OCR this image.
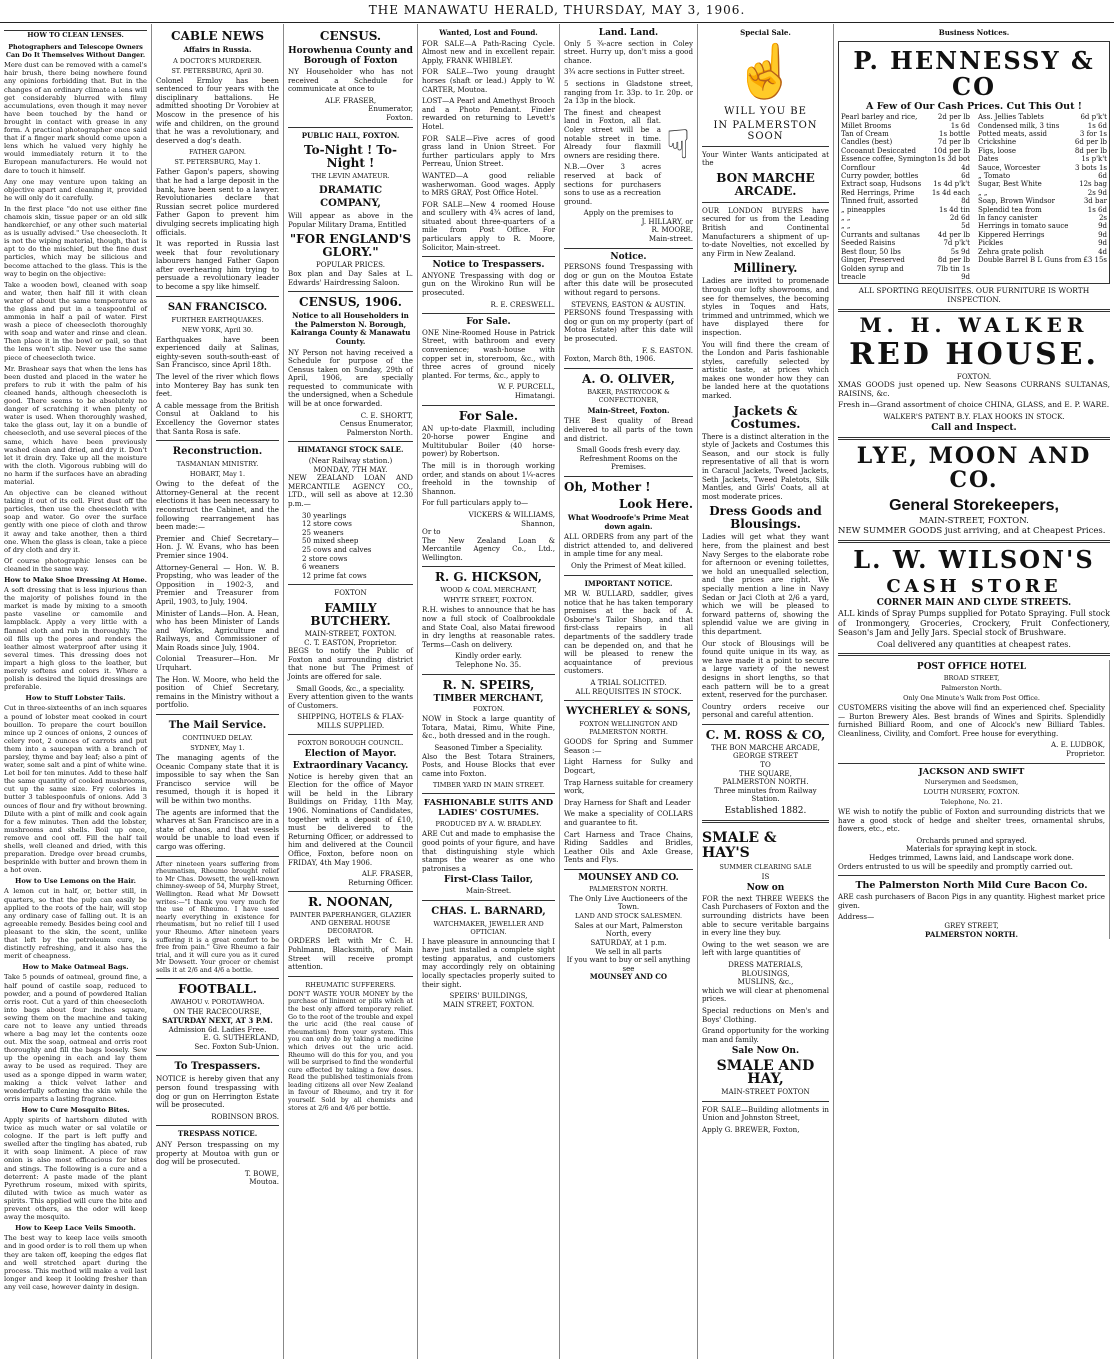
THE MANAWATU HERALD, THURSDAY, MAY 3, 1906.
HOW TO CLEAN LENSES.
Photographers and Telescope Owners Can Do It Themselves Without Danger.

Mere dust can be removed with a camel's hair brush, there being nowhere found any opinions forbidding that. But in the changes of an ordinary climate a lens will get considerably blurred with filmy accumulations, even though it may never have been touched by the hand or brought in contact with grease in any form. A practical photographer once said that if a finger mark should come upon a lens which he valued very highly he would immediately return it to the European manufacturers. He would not dare to touch it himself.

Any one may venture upon taking an objective apart and cleaning it, provided he will only do it carefully.

In the first place "do not use either fine chamois skin, tissue paper or an old silk handkerchief, or any other such material as is usually advised." Use cheesecloth. It is not the wiping material, though, that is apt to do the mischief, but the fine dust particles, which may be silicious and become attached to the glass. This is the way to begin on the objective:

Take a wooden bowl, cleaned with soap and water, then half fill it with clean water of about the same temperature as the glass and put in a teaspoonful of ammonia in half a pail of water. First wash a piece of cheesecloth thoroughly with soap and water and rinse and clean. Then place it in the bowl or pail, so that the lens won't slip. Never use the same piece of cheesecloth twice.

Mr. Brashear says that when the lens has been dusted and placed in the water he prefers to rub it with the palm of his cleaned hands, although cheesecloth is good. There seems to be absolutely no danger of scratching it when plenty of water is used. When thoroughly washed, take the glass out, lay it on a bundle of cheesecloth, and use several pieces of the same, which have been previously washed clean and dried, and dry it. Don't let it drain dry. Take up all the moisture with the cloth. Vigorous rubbing will do no harm if the surfaces have an abrading material.

An objective can be cleaned without taking it out of its cell. First dust off the particles, then use the cheesecloth with soap and water. Go over the surface gently with one piece of cloth and throw it away and take another, then a third one. When the glass is clean, take a piece of dry cloth and dry it.

Of course photographic lenses can be cleaned in the same way.

How to Make Shoe Dressing At Home.

A soft dressing that is less injurious than the majority of polishes found in the market is made by mixing to a smooth paste vaseline or camomile and lampblack. Apply a very little with a flannel cloth and rub in thoroughly. The oil fills up the pores and renders the leather almost waterproof after using it several times. This dressing does not impart a high gloss to the leather, but merely softens and colors it. Where a polish is desired the liquid dressings are preferable.

How to Stuff Lobster Tails.

Cut in three-sixteenths of an inch squares a pound of lobster meat cooked in court bouillon. To prepare the court bouillon mince up 2 ounces of onions, 2 ounces of celery root, 2 ounces of carrots and put them into a saucepan with a branch of parsley, thyme and bay leaf; also a pint of water, some salt and a pint of white wine. Let boil for ten minutes. Add to these half the same quantity of cooked mushrooms, cut up the same size. Fry colories in butter 3 tablespoonfuls of onions. Add 3 ounces of flour and fry without browning. Dilute with a pint of milk and cook again for a few minutes. Then add the lobster, mushrooms and shells. Boil up once, remove and cool off. Fill the half tail shells, well cleaned and dried, with this preparation. Dredge over bread crumbs, besprinkle with butter and brown them in a hot oven.

How to Use Lemons on the Hair.

A lemon cut in half, or, better still, in quarters, so that the pulp can easily be applied to the roots of the hair, will stop any ordinary case of falling out. It is an agreeable remedy. Besides being cool and pleasant to the skin, the scent, unlike that left by the petroleum cure, is distinctly refreshing, and it also has the merit of cheapness.

How to Make Oatmeal Bags.

Take 5 pounds of oatmeal, ground fine, a half pound of castile soap, reduced to powder, and a pound of powdered Italian orris root. Cut a yard of thin cheesecloth into bags about four inches square, sewing them on the machine and taking care not to leave any untied threads where a bag may let the contents ooze out. Mix the soap, oatmeal and orris root thoroughly and fill the bags loosely. Sew up the opening in each and lay them away to be used as required. They are used as a sponge dipped in warm water, making a thick velvet lather and wonderfully softening the skin while the orris imparts a lasting fragrance.

How to Cure Mosquito Bites.

Apply spirits of hartshorn diluted with twice as much water or sal volatile or cologne. If the part is left puffy and swelled after the tingling has abated, rub it with soap liniment. A piece of raw onion is also most efficacious for bites and stings. The following is a cure and a deterrent: A paste made of the plant Pyrethrum roseum, mixed with spirits, diluted with twice as much water as spirits. This applied will cure the bite and prevent others, as the odor will keep away the mosquito.

How to Keep Lace Veils Smooth.

The best way to keep lace veils smooth and in good order is to roll them up when they are taken off, keeping the edges flat and well stretched apart during the process. This method will make a veil last longer and keep it looking fresher than any veil case, however dainty in design.

CABLE NEWS
Affairs in Russia.
A DOCTOR'S MURDERER.
ST. PETERSBURG, April 30.

Colonel Ermloy has been sentenced to four years with the disciplinary battalions. He admitted shooting Dr Vorobiev at Moscow in the presence of his wife and children, on the ground that he was a revolutionary, and deserved a dog's death.

FATHER GAPON.
ST. PETERSBURG, May 1.

Father Gapon's papers, showing that he had a large deposit in the bank, have been sent to a lawyer. Revolutionaries declare that Russian secret police murdered Father Gapon to prevent him divulging secrets implicating high officials.

It was reported in Russia last week that four revolutionary labourers hanged Father Gapon after overhearing him trying to persuade a revolutionary leader to become a spy like himself.

SAN FRANCISCO.
FURTHER EARTHQUAKES.
NEW YORK, April 30.

Earthquakes have been experienced daily at Salinas, eighty-seven south-south-east of San Francisco, since April 18th.

The level of the river which flows into Monterey Bay has sunk ten feet.

A cable message from the British Consul at Oakland to his Excellency the Governor states that Santa Rosa is safe.

Reconstruction.
TASMANIAN MINISTRY.
HOBART, May 1.

Owing to the defeat of the Attorney-General at the recent elections it has been necessary to reconstruct the Cabinet, and the following rearrangement has been made:—

Premier and Chief Secretary—Hon. J. W. Evans, who has been Premier since 1904.

Attorney-General — Hon. W. B. Propsting, who was leader of the Opposition in 1902-3, and Premier and Treasurer from April, 1903, to July, 1904.

Minister of Lands—Hon. A. Hean, who has been Minister of Lands and Works, Agriculture and Railways, and Commissioner of Main Roads since July, 1904.

Colonial Treasurer—Hon. Mr Urquhart.

The Hon. W. Moore, who held the position of Chief Secretary, remains in the Ministry without a portfolio.

The Mail Service.
CONTINUED DELAY.
SYDNEY, May 1.

The managing agents of the Oceanic Company state that it is impossible to say when the San Francisco service will be resumed, though it is hoped it will be within two months.

The agents are informed that the wharves at San Francisco are in a state of chaos, and that vessels would be unable to load even if cargo was offering.

After nineteen years suffering from rheumatism, Rheumo brought relief to Mr Chas. Dowsett, the well-known chimney-sweep of 54, Murphy Street, Wellington. Read what Mr Dowsett writes:—"I thank you very much for the use of Rheumo. I have used nearly everything in existence for rheumatism, but no relief till I used your Rheumo. After nineteen years suffering it is a great comfort to be free from pain." Give Rheumo a fair trial, and it will cure you as it cured Mr Dowsett. Your grocer or chemist sells it at 2/6 and 4/6 a bottle.

FOOTBALL.
AWAHOU v. POROTAWHOA.
ON THE RACECOURSE,
SATURDAY NEXT, AT 3 P.M.
Admission 6d. Ladies Free.
E. G. SUTHERLAND,
Sec. Foxton Sub-Union.
To Trespassers.

NOTICE is hereby given that any person found trespassing with dog or gun on Herrington Estate will be prosecuted.

ROBINSON BROS.
TRESPASS NOTICE.

ANY Person trespassing on my property at Moutoa with gun or dog will be prosecuted.

T. BOWE,
Moutoa.
CENSUS.
Horowhenua County and Borough of Foxton

NY Householder who has not received a Schedule for communicate at once to

ALF. FRASER,
Enumerator,
Foxton.
PUBLIC HALL, FOXTON.
To-Night ! To-Night !
THE LEVIN AMATEUR.
DRAMATIC COMPANY,

Will appear as above in the Popular Military Drama, Entitled

"FOR ENGLAND'S GLORY."
POPULAR PRICES.

Box plan and Day Sales at L. Edwards' Hairdressing Saloon.

CENSUS, 1906.
Notice to all Householders in the Palmerston N. Borough, Kairanga County & Manawatu County.

NY Person not having received a Schedule for purpose of the Census taken on Sunday, 29th of April, 1906, are specially requested to communicate with the undersigned, when a Schedule will be at once forwarded.

C. E. SHORTT,
Census Enumerator,
Palmerston North.
HIMATANGI STOCK SALE.
(Near Railway station.)
MONDAY, 7TH MAY.

NEW ZEALAND LOAN AND MERCANTILE AGENCY CO., LTD., will sell as above at 12.30 p.m.—

30 yearlings
12 store cows
25 weaners
50 mixed sheep
25 cows and calves
2 store cows
6 weaners
12 prime fat cows
FOXTON
FAMILY BUTCHERY.
MAIN-STREET, FOXTON.
C. T. EASTON, Proprietor.

BEGS to notify the Public of Foxton and surrounding district that none but The Primest of Joints are offered for sale.

Small Goods, &c., a speciality.

Every attention given to the wants of Customers.

SHIPPING, HOTELS & FLAX-MILLS SUPPLIED.
FOXTON BOROUGH COUNCIL.
Election of Mayor.
Extraordinary Vacancy.

Notice is hereby given that an Election for the office of Mayor will be held in the Library Buildings on Friday, 11th May, 1906. Nominations of Candidates, together with a deposit of £10, must be delivered to the Returning Officer, or addressed to him and delivered at the Council Office, Foxton, before noon on FRIDAY, 4th May 1906.

ALF. FRASER,
Returning Officer.
R. NOONAN,
PAINTER PAPERHANGER, GLAZIER AND GENERAL HOUSE DECORATOR.

ORDERS left with Mr C. H. Pohlmann, Blacksmith, of Main Street will receive prompt attention.

RHEUMATIC SUFFERERS.

DON'T WASTE YOUR MONEY by the purchase of liniment or pills which at the best only afford temporary relief. Go to the root of the trouble and expel the uric acid (the real cause of rheumatism) from your system. This you can only do by taking a medicine which drives out the uric acid. Rheumo will do this for you, and you will be surprised to find the wonderful cure effected by taking a few doses. Read the published testimonials from leading citizens all over New Zealand in favour of Rheumo, and try it for yourself. Sold by all chemists and stores at 2/6 and 4/6 per bottle.

Wanted, Lost and Found.

FOR SALE—A Path-Racing Cycle. Almost new and in excellent repair. Apply, FRANK WHIBLEY.

FOR SALE—Two young draught horses (shaft or lead.) Apply to W. CARTER, Moutoa.

LOST—A Pearl and Amethyst Brooch and a Photo Pendant. Finder rewarded on returning to Levett's Hotel.

FOR SALE—Five acres of good grass land in Union Street. For further particulars apply to Mrs Perreau, Union Street.

WANTED—A good reliable washerwoman. Good wages. Apply to MRS GRAY, Post Office Hotel.

FOR SALE—New 4 roomed House and scullery with 4¾ acres of land, situated about three-quarters of a mile from Post Office. For particulars apply to R. Moore, Solicitor, Main-street.

Notice to Trespassers.

ANYONE Trespassing with dog or gun on the Wirokino Run will be prosecuted.

R. E. CRESWELL.
For Sale.

ONE Nine-Roomed House in Patrick Street, with bathroom and every convenience; wash-house with copper set in, storeroom, &c., with three acres of ground nicely planted. For terms, &c., apply to

W. F. PURCELL,
Himatangi.
For Sale.

AN up-to-date Flaxmill, including 20-horse power Engine and Multitubular Boiler (40 horse-power) by Robertson.

The mill is in thorough working order, and stands on about 1¼-acres freehold in the township of Shannon.

For full particulars apply to—

VICKERS & WILLIAMS,
Shannon,
Or to

The New Zealand Loan & Mercantile Agency Co., Ltd., Wellington.

R. G. HICKSON,
WOOD & COAL MERCHANT,
WHYTE STREET, FOXTON.

R.H. wishes to announce that he has now a full stock of Coalbrookdale and State Coal, also Matai firewood in dry lengths at reasonable rates. Terms—Cash on delivery.

Kindly order early.
Telephone No. 35.
R. N. SPEIRS,
TIMBER MERCHANT,
FOXTON.

NOW in Stock a large quantity of Totara, Matai, Rimu, White Pine, &c., both dressed and in the rough.

Seasoned Timber a Speciality.

Also the Best Totara Strainers, Posts, and House Blocks that ever came into Foxton.

TIMBER YARD IN MAIN STREET.
FASHIONABLE SUITS AND LADIES' COSTUMES.
PRODUCED BY A. W. BRADLEY.

ARE Cut and made to emphasise the good points of your figure, and have that distinguishing style which stamps the wearer as one who patronises a

First-Class Tailor,
Main-Street.
CHAS. L. BARNARD,
WATCHMAKER, JEWELLER AND OPTICIAN.

I have pleasure in announcing that I have just installed a complete sight testing apparatus, and customers may accordingly rely on obtaining locally spectacles properly suited to their sight.

SPEIRS' BUILDINGS,
MAIN STREET, FOXTON.
Land. Land.

Only 5 ¾-acre section in Coley street. Hurry up, don't miss a good chance.

3¾ acre sections in Futter street.

5 sections in Gladstone street, ranging from 1r. 33p. to 1r. 20p. or 2a 13p in the block.

The finest and cheapest land in Foxton, all flat. Coley street will be a notable street in time. Already four flaxmill owners are residing there.

N.B.—Over 3 acres reserved at back of sections for purchasers sons to use as a recreation ground.

☟
Apply on the premises to
J. HILLARY, or
R. MOORE,
Main-street.
Notice.

PERSONS found Trespassing with dog or gun on the Moutoa Estate after this date will be prosecuted without regard to persons.

STEVENS, EASTON & AUSTIN.

PERSONS found Trespassing with dog or gun on my property (part of Motoa Estate) after this date will be prosecuted.

F. S. EASTON.
Foxton, March 8th, 1906.
A. O. OLIVER,
BAKER, PASTRYCOOK & CONFECTIONER,
Main-Street, Foxton.

THE Best quality of Bread delivered to all parts of the town and district.

Small Goods fresh every day.
Refreshment Rooms on the Premises.
Oh, Mother !
Look Here.
What Woodroofe's Prime Meat down again.

ALL ORDERS from any part of the district attended to, and delivered in ample time for any meal.

Only the Primest of Meat killed.
IMPORTANT NOTICE.

MR W. BULLARD, saddler, gives notice that he has taken temporary premises at the back of A. Osborne's Tailor Shop, and that first-class repairs in all departments of the saddlery trade can be depended on, and that he will be pleased to renew the acquaintance of previous customers.

A TRIAL SOLICITED.
ALL REQUISITES IN STOCK.
WYCHERLEY & SONS,
FOXTON WELLINGTON AND PALMERSTON NORTH.

GOODS for Spring and Summer Season :—

Light Harness for Sulky and Dogcart,

Trap Harness suitable for creamery work,

Dray Harness for Shaft and Leader

We make a speciality of COLLARS and guarantee to fit.

Cart Harness and Trace Chains, Riding Saddles and Bridles, Leather Oils and Axle Grease, Tents and Flys.

MOUNSEY AND CO.
PALMERSTON NORTH.
The Only Live Auctioneers of the Town.
LAND AND STOCK SALESMEN.
Sales at our Mart, Palmerston North, every
SATURDAY, at 1 p.m.
We sell in all parts
If you want to buy or sell anything see
MOUNSEY AND CO
Special Sale.
☝
WILL YOU BE
IN PALMERSTON SOON

Your Winter Wants anticipated at the

BON MARCHE ARCADE.

OUR LONDON BUYERS have secured for us from the Leading British and Continental Manufacturers a shipment of up-to-date Novelties, not excelled by any Firm in New Zealand.

Millinery.

Ladies are invited to promenade through our lofty showrooms, and see for themselves, the becoming styles in Toques and Hats, trimmed and untrimmed, which we have displayed there for inspection.

You will find there the cream of the London and Paris fashionable styles, carefully selected by artistic taste, at prices which makes one wonder how they can be landed here at the quotations marked.

Jackets & Costumes.

There is a distinct alteration in the style of Jackets and Costumes this Season, and our stock is fully representative of all that is worn in Caracul Jackets, Tweed Jackets, Seth Jackets, Tweed Paletots, Silk Mantles, and Girls' Coats, all at most moderate prices.

Dress Goods and Blousings.

Ladies will get what they want here, from the plainest and best Navy Serges to the elaborate robe for afternoon or evening toilettes, we hold an unequalled selection, and the prices are right. We specially mention a line in Navy Sedan or Jaci Cloth at 2/6 a yard, which we will be pleased to forward patterns of, showing the splendid value we are giving in this department.

Our stock of Blousings will be found quite unique in its way, as we have made it a point to secure a large variety of the newest designs in short lengths, so that each pattern will be to a great extent, reserved for the purchaser.

Country orders receive our personal and careful attention.

C. M. ROSS & CO,
THE BON MARCHE ARCADE,
GEORGE STREET
TO
THE SQUARE,
PALMERSTON NORTH.
Three minutes from Railway Station.
Established 1882.
SMALE & HAY'S
SUMMER CLEARING SALE
IS
Now on

FOR the next THREE WEEKS the Cash Purchasers of Foxton and the surrounding districts have been able to secure veritable bargains in every line they buy.

Owing to the wet season we are left with large quantities of

DRESS MATERIALS,
BLOUSINGS,
MUSLINS, &c.,

which we will clear at phenomenal prices.

Special reductions on Men's and Boys' Clothing.

Grand opportunity for the working man and family.

Sale Now On.
SMALE AND HAY,
MAIN-STREET FOXTON

FOR SALE—Building allotments in Union and Johnston Street,

Apply G. BREWER, Foxton,
Business Notices.
P. HENNESSY & CO
A Few of Our Cash Prices. Cut This Out !
Pearl barley and rice,	2d per lb
Millet Brooms	1s 6d
Tan of Cream	1s bottle
Candles (best)	7d per lb
Cocoanut Desiccated 10d per lb
Essence coffee, Symington 1s 3d bot
Cornflour	4d
Curry powder, bottles	6d
Extract soap, Hudsons 1s 4d p'k't
Red Herrings, Prime 1s 4d each
Tinned fruit, assorted	8d
„ pineapples	1s 4d tin
„ „	2d 6d
„ „	5d
Currants and sultanas	4d per lb
Seeded Raisins	7d p'k't
Best flour, 50 lbs	5s 9d
Ginger, Preserved	8d per lb
Golden syrup and treacle
7lb tin 1s 9d
Ass. Jellies Tablets	6d p'k't
Condensed milk, 3 tins	1s 6d
Potted meats, assid	3 for 1s
Crickshine	6d per lb
Figs, loose	8d per lb
Dates	1s p'k't
Sauce, Worcester	3 bots 1s
„ Tomato	6d
Sugar, Best White	12s bag
„ „	2s 9d
Soap, Brown Windsor	3d bar
Splendid tea from	1s 6d
In fancy canister	2s
Herrings in tomato sauce	9d
Kippered Herrings	9d
Pickles	9d
Zehra grate polish	4d
Double Barrel B L Guns from £3 15s
ALL SPORTING REQUISITES. OUR FURNITURE IS WORTH INSPECTION.
M. H. WALKER
RED HOUSE.
FOXTON.

XMAS GOODS just opened up. New Seasons CURRANS SULTANAS, RAISINS, &c.

Fresh in—Grand assortment of choice CHINA, GLASS, and E. P. WARE.

WALKER'S PATENT B.Y. FLAX HOOKS IN STOCK.
Call and Inspect.
LYE, MOON AND CO.
General Storekeepers,
MAIN-STREET, FOXTON.

NEW SUMMER GOODS just arriving, and at Cheapest Prices.

L. W. WILSON'S
CASH STORE
CORNER MAIN AND CLYDE STREETS.

ALL kinds of Spray Pumps supplied for Potato Spraying. Full stock of Ironmongery, Groceries, Crockery, Fruit Confectionery, Season's Jam and Jelly Jars. Special stock of Brushware.

Coal delivered any quantities at cheapest rates.
POST OFFICE HOTEL
BROAD STREET,
Palmerston North.
Only One Minute's Walk from Post Office.

CUSTOMERS visiting the above will find an experienced chef. Speciality— Burton Brewery Ales. Best brands of Wines and Spirits. Splendidly furnished Billiard Room, and one of Alcock's new Billiard Tables. Cleanliness, Civility, and Comfort. Free house for everything.

A. E. LUDBOK,
Proprietor.
JACKSON AND SWIFT
Nurserymen and Seedsmen,
LOUTH NURSERY, FOXTON.
Telephone, No. 21.

WE wish to notify the public of Foxton and surrounding districts that we have a good stock of hedge and shelter trees, ornamental shrubs, flowers, etc., etc.

Orchards pruned and sprayed.
Materials for spraying kept in stock.
Hedges trimmed, Lawns laid, and Landscape work done.

Orders entrusted to us will be speedily and promptly carried out.

The Palmerston North Mild Cure Bacon Co.

ARE cash purchasers of Bacon Pigs in any quantity. Highest market price given.

Address—
GREY STREET,
PALMERSTON NORTH.
